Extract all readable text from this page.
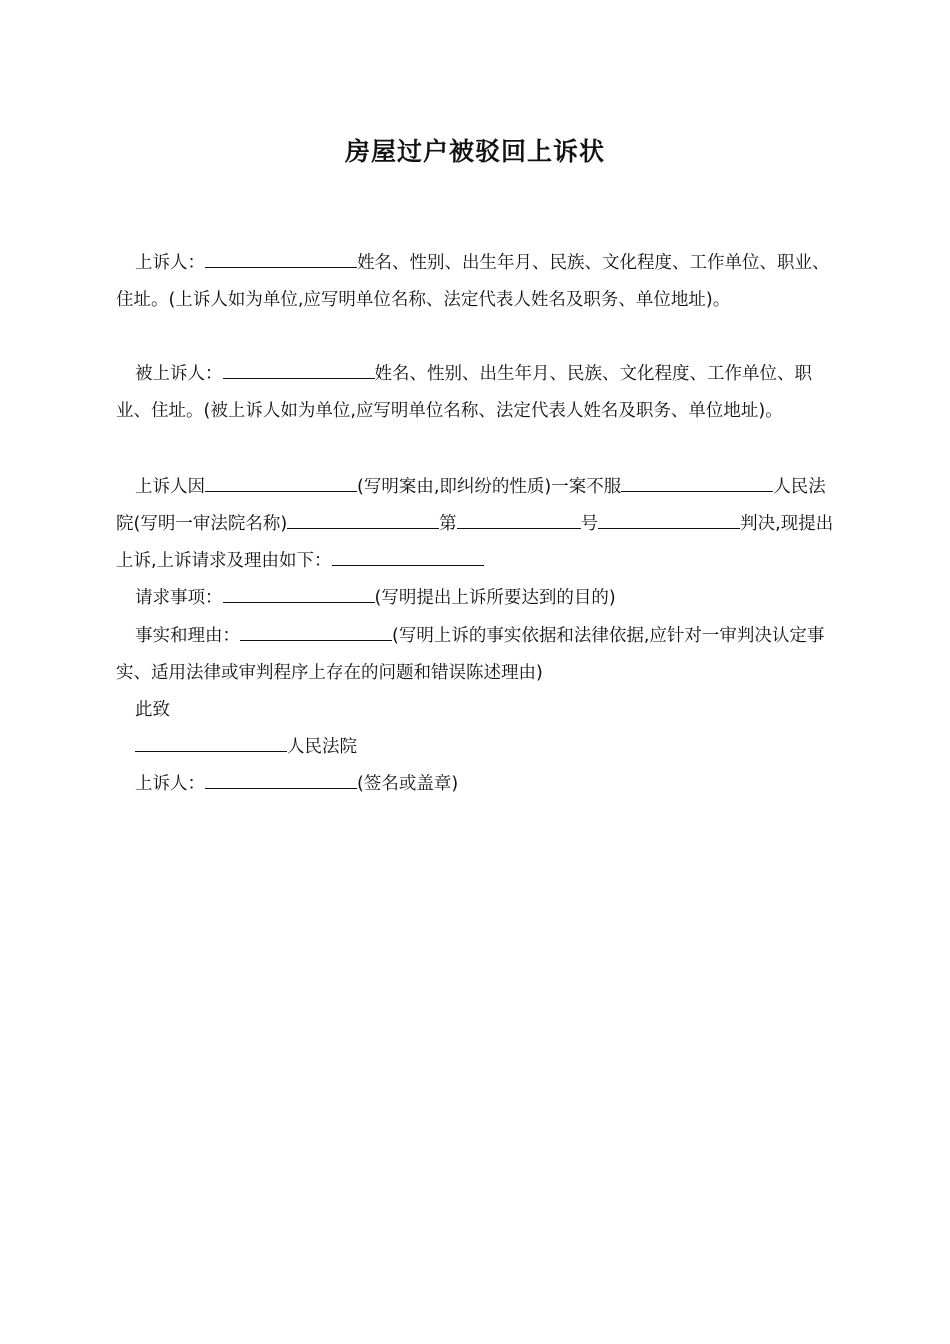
房屋过户被驳回上诉状
上诉人：	姓名、性别、出生年月、民族、文化程度、工作单位、职业、住址。(上诉人如为单位,应写明单位名称、法定代表人姓名及职务、单位地址)。
被上诉人：	姓名、性别、出生年月、民族、文化程度、工作单位、职业、住址。(被上诉人如为单位,应写明单位名称、法定代表人姓名及职务、单位地址)。
上诉人因	(写明案由,即纠纷的性质)一案不服	人民法院(写明一审法院名称)	第	号	判决,现提出上诉,上诉请求及理由如下：
请求事项：	(写明提出上诉所要达到的目的)
事实和理由：	(写明上诉的事实依据和法律依据,应针对一审判决认定事实、适用法律或审判程序上存在的问题和错误陈述理由)
此致
人民法院
上诉人：	(签名或盖章)
